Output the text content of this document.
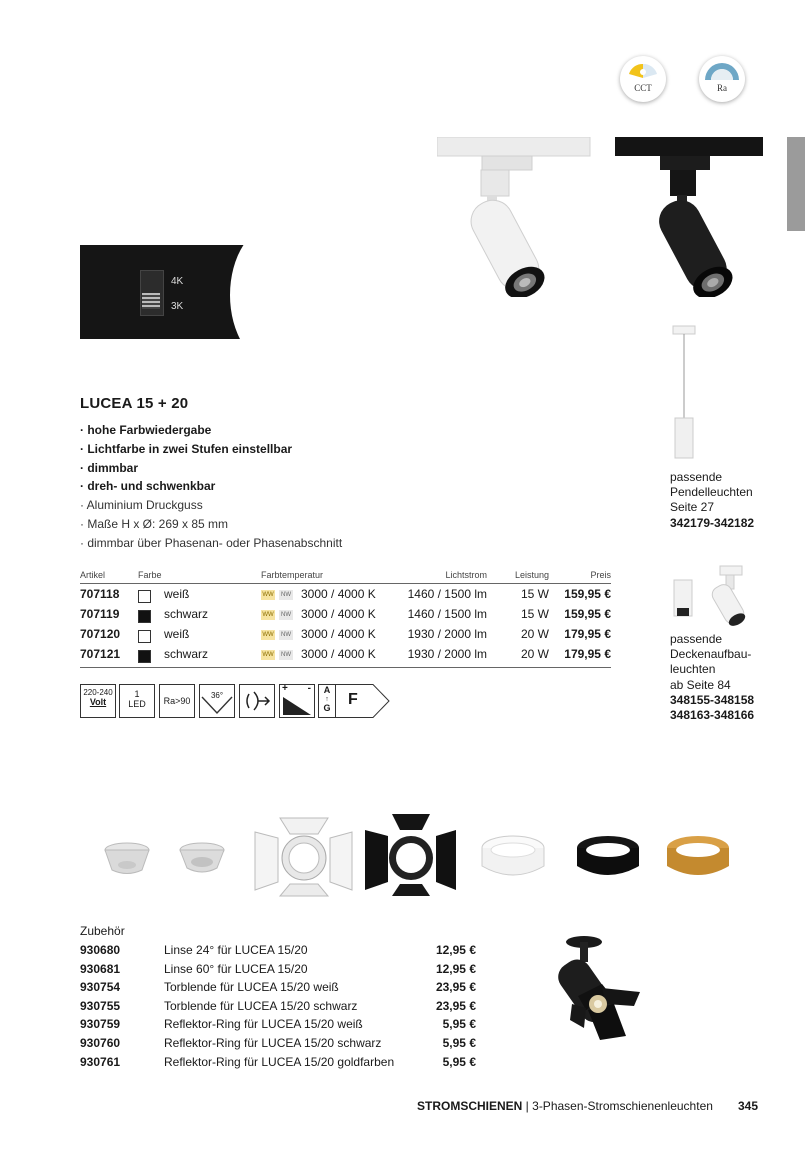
CCT	Ra
4K
3K
passende
Pendelleuchten
Seite 27
342179-342182
passende
Deckenaufbau-
leuchten
ab Seite 84
348155-348158
348163-348166
LUCEA 15 + 20
· hohe Farbwiedergabe
· Lichtfarbe in zwei Stufen einstellbar
· dimmbar
· dreh- und schwenkbar
· Aluminium Druckguss
· Maße H x Ø: 269 x 85 mm
· dimmbar über Phasenan- oder Phasenabschnitt
Artikel	Farbe	Farbtemperatur	Lichtstrom	Leistung	Preis
707118	weiß	WW	NW 3000 / 4000 K	1460 / 1500 lm	15 W	159,95 €
707119	schwarz	WW	NW 3000 / 4000 K	1460 / 1500 lm	15 W	159,95 €
707120	weiß	WW	NW 3000 / 4000 K	1930 / 2000 lm	20 W	179,95 €
707121	schwarz	WW	NW 3000 / 4000 K	1930 / 2000 lm	20 W	179,95 €
220-240
Volt
1
LED	Ra>90
36°
+ -	A
↑
G F
Zubehör
930680	Linse 24° für LUCEA 15/20	12,95 €
930681	Linse 60° für LUCEA 15/20	12,95 €
930754	Torblende für LUCEA 15/20 weiß	23,95 €
930755	Torblende für LUCEA 15/20 schwarz	23,95 €
930759	Reflektor-Ring für LUCEA 15/20 weiß	5,95 €
930760	Reflektor-Ring für LUCEA 15/20 schwarz	5,95 €
930761	Reflektor-Ring für LUCEA 15/20 goldfarben	5,95 €
STROMSCHIENEN | 3-Phasen-Stromschienenleuchten 345
